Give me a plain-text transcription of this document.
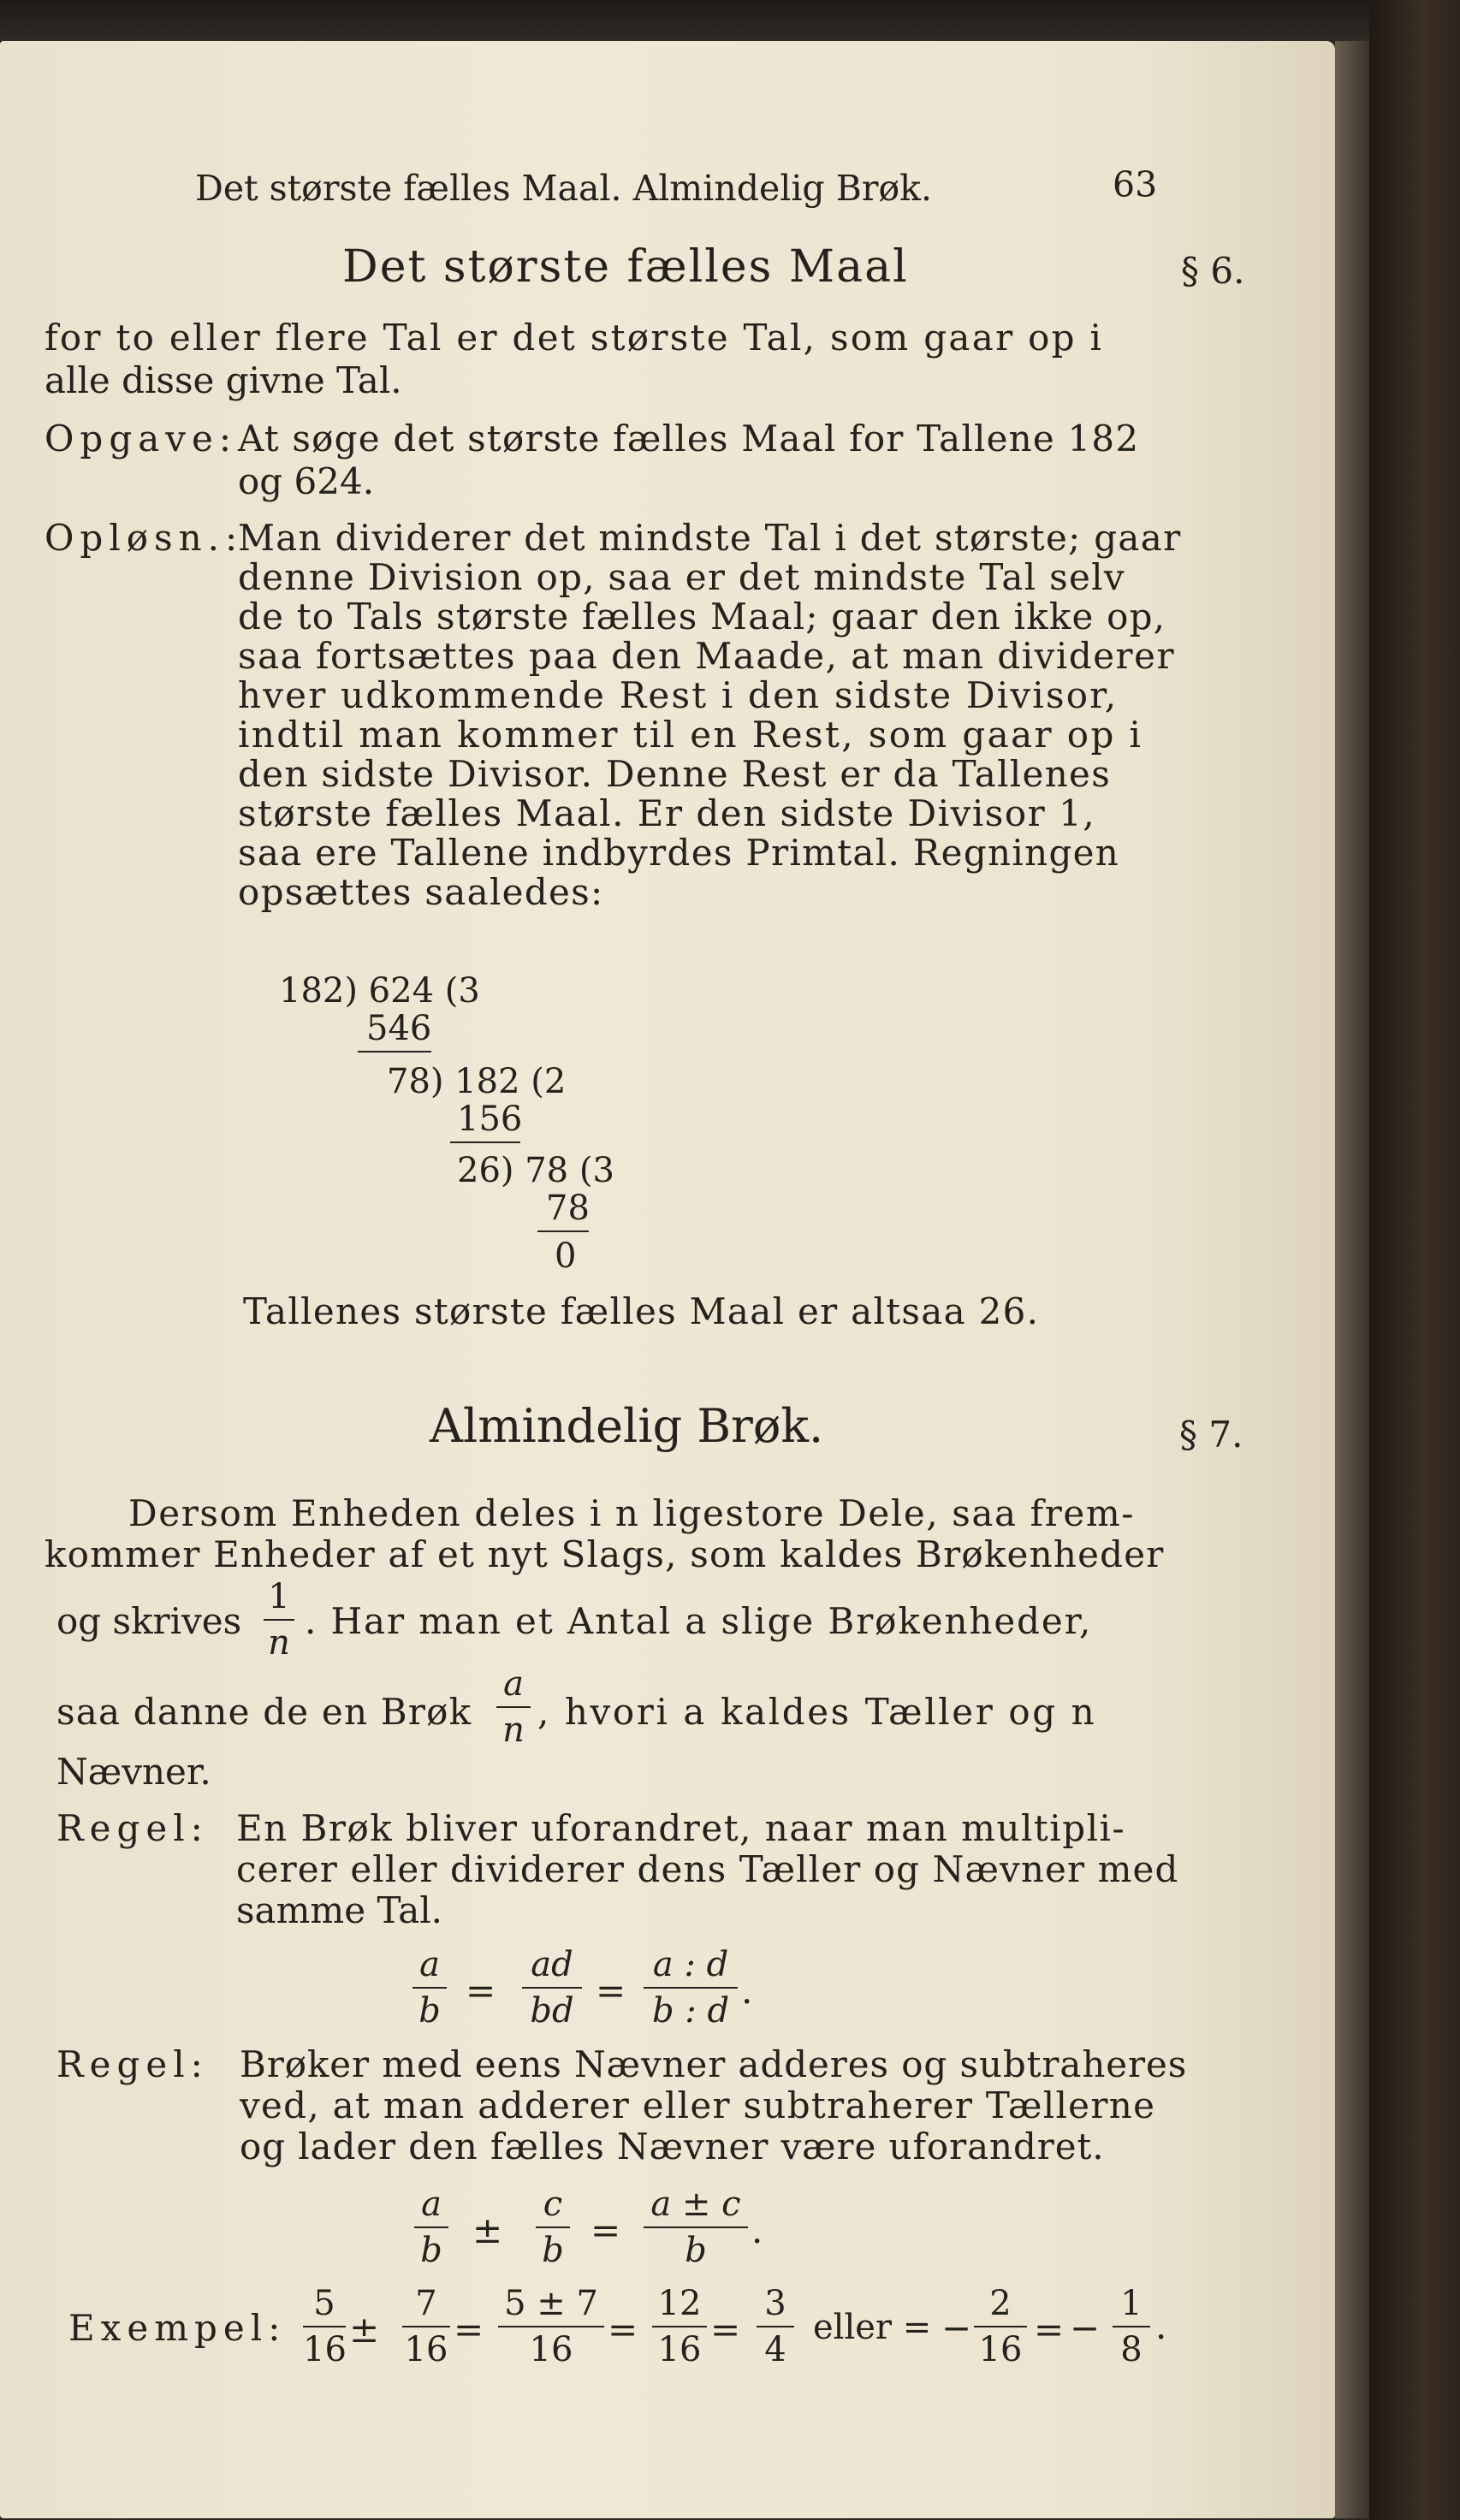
Det største fælles Maal. Almindelig Brøk.	63
Det største fælles Maal	§ 6.
for to eller flere Tal er det største Tal, som gaar op i
alle disse givne Tal.
Opgave: At søge det største fælles Maal for Tallene 182
og 624.
Opløsn.:
Man dividerer det mindste Tal i det største; gaar
denne Division op, saa er det mindste Tal selv
de to Tals største fælles Maal; gaar den ikke op,
saa fortsættes paa den Maade, at man dividerer
hver udkommende Rest i den sidste Divisor,
indtil man kommer til en Rest, som gaar op i
den sidste Divisor. Denne Rest er da Tallenes
største fælles Maal. Er den sidste Divisor 1,
saa ere Tallene indbyrdes Primtal. Regningen
opsættes saaledes:
182) 624 (3
546
78) 182 (2
156
26) 78 (3
78
0
Tallenes største fælles Maal er altsaa 26.
Almindelig Brøk.	§ 7.
Dersom Enheden deles i n ligestore Dele, saa frem-
kommer Enheder af et nyt Slags, som kaldes Brøkenheder
og skrives $\frac{1}{n}$ . Har man et Antal a slige Brøkenheder,
saa danne de en Brøk $\frac{a}{n}$ , hvori a kaldes Tæller og n
Nævner.
Regel: En Brøk bliver uforandret, naar man multipli-
cerer eller dividerer dens Tæller og Nævner med
samme Tal.
$\frac{a}{b} = \frac{ad}{bd} = \frac{a : d}{b : d}$ .
Regel: Brøker med eens Nævner adderes og subtraheres
ved, at man adderer eller subtraherer Tællerne
og lader den fælles Nævner være uforandret.
$\frac{a}{b} \pm \frac{c}{b} = \frac{a \pm c}{b}$ .
Exempel: $\frac{5}{16} \pm \frac{7}{16} = \frac{5 \pm 7}{16} = \frac{12}{16} = \frac{3}{4}$ eller = − $\frac{2}{16}$ = − $\frac{1}{8}$ .
